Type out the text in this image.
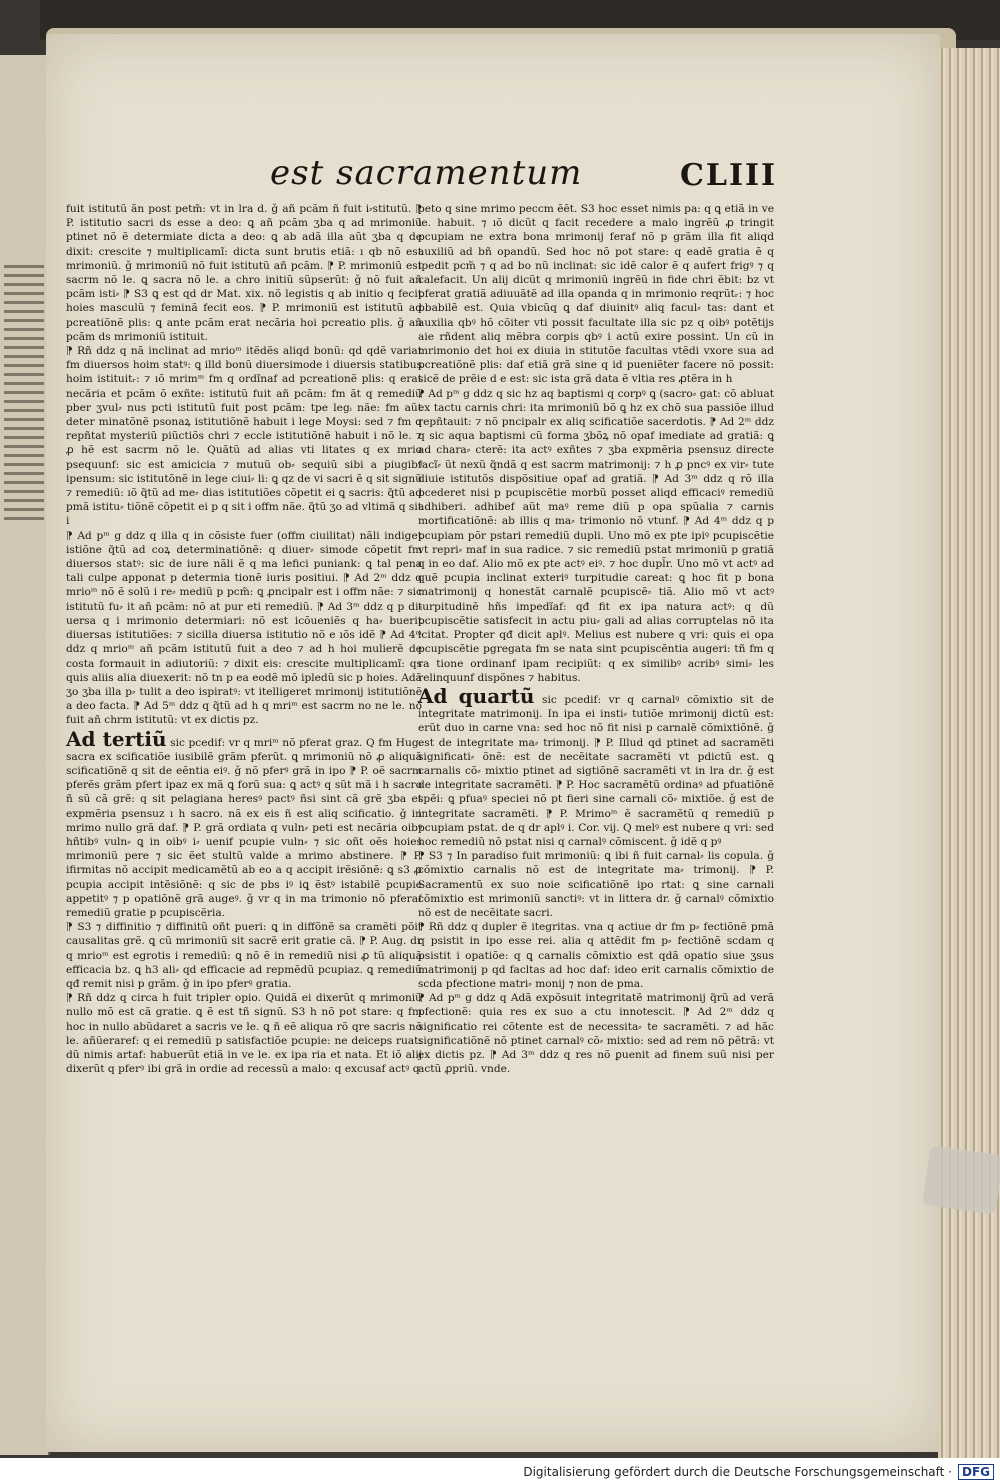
est sacramentum	CLIII

fuit istitutũ ãn post petm̃: vt in lra d. ǧ añ pcãm ñ fuit i⸗stitutũ. ⁋ P. istitutio sacri ds esse a deo: ꝗ añ pcãm ʒba q ad mrimoniũ ptinet nõ ẽ determiate dicta a deo: ꝗ ab adã illa aũt ʒba q de dixit: crescite ⁊ multiplicamĩ: dicta sunt brutis etiã: ı qb nõ est mrimoniũ. ǧ mrimoniũ nõ fuit istitutũ añ pcãm. ⁋ P. mrimoniũ est sacrm nõ le. ꝗ sacra nõ le. a chro initiũ sũpserũt: ǧ nõ fuit añ pcãm isti⸗ ⁋ S3 ꝗ est qd dr Mat. xix. nõ legistis q ab initio q fecit hoies masculũ ⁊ feminã fecit eos. ⁋ P. mrimoniũ est istitutũ ad pcreatiõnẽ plis: ꝗ ante pcãm erat necãria hoi pcreatio plis. ǧ añ pcãm ds mrimoniũ istituit.

⁋ Rñ ddz q nã inclinat ad mrioᵐ itẽdẽs aliqd bonũ: qd qdẽ variat fm diuersos hoim statꝰ: ꝗ illd bonũ diuersimode i diuersis statibus hoim istituitᵣ: ⁊ ıõ mrimᵐ fm q ordĩnaf ad pcreationẽ plis: q erat necãria et pcãm õ exñte: istitutũ fuit añ pcãm: fm ãt q remediũ pber ʒvul⸗ nus pcti istitutũ fuit post pcãm: tpe legᵢ nãe: fm aũt deter minatõnẽ psonaꝝ istitutiõnẽ habuit i lege Moysi: sed ⁊ fm q repñtat mysteriũ piũctiõs chri ⁊ eccle istitutiõnẽ habuit i nõ le. ⁊ ꝓ hẽ est sacrm nõ le. Quãtũ ad alias vti litates q ex mrio psequunf: sic est amicicia ⁊ mutuũ ob⸗ sequiũ sibi a piugibꝰ ipensum: sic istitutõnẽ in lege ciui⸗ li: ꝗ qz de vi sacri ẽ q sit signũ ⁊ remediũ: ıõ q̃tũ ad me⸗ dias istitutiões cõpetit ei ꝗ sacris: q̃tũ ad pmã istitu⸗ tiõnẽ cõpetit ei p q sit i offm nãe. q̃tũ ʒo ad vltimã q sit i

⁋ Ad pᵐ g ddz q illa q in cõsi̇ste fuer (offm ciuilitat) nãli indiget istiõne q̃tũ ad coꝝ determinatiõnẽ: q diuer⸗ simode cõpetit fm diuersos statꝰ: sic de iure nãli ẽ q ma lefici puniank: ꝗ tal pena tali culpe apponat p determia tionẽ iuris positiui. ⁋ Ad 2ᵐ ddz q mrioᵐ nõ ẽ solũ i re⸗ mediũ p pcm̃: ꝗ ꝓncipalr est i offm nãe: ⁊ sic istitutũ fu⸗ it añ pcãm: nõ at pur eti remediũ. ⁋ Ad 3ᵐ ddz q p di⸗ uersa q i mrimonio determiari: nõ est icõueniẽs q ha⸗ buerit diuersas istitutiões: ⁊ sicilla diuersa istitutio nõ e ıõs idẽ ⁋ Ad 4ᵐ ddz q mrioᵐ añ pcãm istitutũ fuit a deo ⁊ ad h hoi mulierẽ de costa formauit in adiutoriũ: ⁊ dixit eis: crescite multiplicamĩ: qs quis aliis alia diuexerit: nõ tn p ea eodẽ mõ ipledũ sic p hoies. Adã ʒo ʒba illa p⸗ tulit a deo ispiratꝰ: vt itelligeret mrimonij istitutiõnẽ a deo facta. ⁋ Ad 5ᵐ ddz q q̃tũ ad h q mriᵐ est sacrm no ne le. nõ fuit añ chrm istitutũ: vt ex dictis pz.

Ad tertiũ sic pcedif: vr q mriᵐ nõ pferat graz. Q fm Hug. sacra ex scificatiõe iusibilẽ grãm pferũt. ꝗ mrimoniũ nõ ꝓ aliquã scificatiõnẽ q sit de eẽntia eiꝰ. ǧ nõ pferꝰ grã in ipo ⁋ P. oẽ sacrm pferẽs grãm pfert ipaz ex mã ꝗ forũ sua: ꝗ actꝰ q sũt mã i h sacro ñ sũ cã grẽ: q sit pelagiana heresꝰ pactꝰ ñsi sint cã grẽ ʒba et expmẽria psensuz ı h sacro. nã ex eis ñ est aliq scificatio. ǧ in mrimo nullo grã daf. ⁋ P. grã ordiata q vuln⸗ peti est necãria oibꝰ hñtibꝰ vuln⸗ ꝗ in oibꝰ i⸗ uenif pcupie vuln⸗ ⁊ sic oñt oẽs hoies mrimoniũ pere ⁊ sic ẽet stultũ valde a mrimo abstinere. ⁋ P. ifirmitas nõ accipit medicamẽtũ ab eo a q accipit irẽsiõnẽ: ꝗ s3 ꝓ pcupia accipit intẽsiõnẽ: q sic de pbs iꝰ iꝗ ẽstꝰ istabilẽ pcupie appetitꝰ ⁊ p opatiõnẽ grã augeꝰ. ǧ vr q in ma trimonio nõ pferaf remediũ gratie p pcupiscẽria.

⁋ S3 ⁊ diffinitio ⁊ diffinitũ oñt pueri: ꝗ in diffõnẽ sa cramẽti põit causalitas grẽ. ꝗ cũ mrimoniũ sit sacrẽ erit gratie cã. ⁋ P. Aug. dr q mrioᵐ est egrotis i remediũ: ꝗ nõ ẽ in remediũ nisi ꝓ tũ aliquã efficacia bz. ꝗ h3 ali⸗ qd efficacie ad repmẽdũ pcupiaz. ꝗ remediũ qđ remit nisi p grãm. ǧ in ipo pferꝰ gratia.

⁋ Rñ ddz q circa h fuit tripler opio. Quidã ei dixerũt q mrimoniũ nullo mõ est cã gratie. ꝗ ẽ est tñ signũ. S3 h nõ pot stare: q fm hoc in nullo abũdaret a sacris ve le. ꝗ ñ eẽ aliqua rõ qre sacris nõ le. añũeraref: q ei remediũ p satisfactiõe pcupie: ne deiceps ruat: dũ nimis artaf: habuerũt etiã in ve le. ex ipa ria et nata. Et iõ alij dixerũt q pferꝰ ibi grã in ordie ad recessũ a malo: q excusaf actꝰ q

peto q sine mrimo peccm ẽẽt. S3 hoc esset nimis pa: q ꝗ etiã in ve le. habuit. ⁊ ıõ dicũt q facit recedere a malo ingrẽũ ꝓ tringit pcupiam ne extra bona mrimonij feraf nõ p grãm illa fit aliqd auxiliũ ad bñ opandũ. Sed hoc nõ pot stare: q eadẽ gratia ẽ q ipedit pcm̃ ⁊ q ad bo nũ inclinat: sic idẽ calor ẽ q aufert frigꝰ ⁊ q calefacit. Un alij dicũt q mrimoniũ ingrẽũ in fide chri ẽbit: bz vt pferat gratiã adiuuãtẽ ad illa opanda q in mrimonio reqrũtᵣ: ⁊ hoc pbabilẽ est. Quia vbicũq ꝗ daf diuinitꝰ aliq facul⸗ tas: dant et auxilia qbꝰ hõ cõiter vti possit facultate illa sic pz q oibꝰ potẽtijs aie rñdent aliq mẽbra corpis qbꝰ i actũ exire possint. Un cũ in mrimonio det hoi ex diuia in stitutõe facultas vtẽdi vxore sua ad pcreatiõnẽ plis: daf etiã grã sine q id pueniẽter facere nõ possit: sicẽ de prẽie d e est: sic ista grã data ẽ vltia res ꝓtẽra in h

⁋ Ad pᵐ g ddz q sic hz aq baptismi q corpꝰ ꝗ (sacro⸗ gat: cõ abluat ex tactu carnis chri: ita mrimoniũ bõ ꝗ hz ex chõ sua passiõe illud repñtauit: ⁊ nõ pncipalr ex aliq scificatiõe sacerdotis. ⁋ Ad 2ᵐ ddz q sic aqua baptismi cũ forma ʒbõꝝ nõ opaf imediate ad gratiã: ꝗ ad chara⸗ cterẽ: ita actꝰ exñtes ⁊ ʒba expmẽria psensuz directe facĩ⸗ ũt nexũ q̃ndã q est sacrm matrimonij: ⁊ h ꝓ pncꝰ ex vir⸗ tute diuie istitutõs dispõsitiue opaf ad gratiã. ⁋ Ad 3ᵐ ddz q rõ illa pcederet nisi p pcupiscẽtie morbũ posset aliqd efficaciꝰ remediũ adhiberi. adhibef aũt maꝰ reme diũ p opa spũalia ⁊ carnis mortificatiõnẽ: ab illis q ma⸗ trimonio nõ vtunf. ⁋ Ad 4ᵐ ddz q p pcupiam põr pstari remediũ dupli. Uno mõ ex pte ipiꝰ pcupiscẽtie vt repri⸗ maf in sua radice. ⁊ sic remediũ pstat mrimoniũ p gratiã q in eo daf. Alio mõ ex pte actꝰ eiꝰ. ⁊ hoc dupl̃r. Uno mõ vt actꝰ ad quẽ pcupia inclinat exteriꝰ turpitudie careat: ꝗ hoc fit p bona matrimonij q honestãt carnalẽ pcupiscẽ⸗ tiã. Alio mõ vt actꝰ turpitudinẽ hñs impedĩaf: qđ fit ex ipa natura actꝰ: q dũ pcupiscẽtie satisfecit in actu piu⸗ gali ad alias corruptelas nõ ita icitat. Propter qđ dicit aplꝰ. Melius est nubere q vri: quis ei opa pcupiscẽtie pgregata fm se nata sint pcupiscẽntia augeri: tñ fm q ra tione ordinanf ipam recipiũt: q ex similibꝰ acribꝰ simi⸗ les relinquunf dispõnes ⁊ habitus.

Ad quartũ sic pcedif: vr q carnalꝰ cõmixtio sit de integritate matrimonij. In ipa ei insti⸗ tutiõe mrimonij dictũ est: erũt duo in carne vna: sed hoc nõ fit nisi p carnalẽ cõmixtiõnẽ. ǧ est de integritate ma⸗ trimonij. ⁋ P. Illud qd ptinet ad sacramẽti significati⸗ õnẽ: est de necẽitate sacramẽti vt pdictũ est. ꝗ carnalis cõ⸗ mixtio ptinet ad sigtiõnẽ sacramẽti vt in lra dr. ǧ est de integritate sacramẽti. ⁋ P. Hoc sacramẽtũ ordinaꝰ ad pfuatiõnẽ spẽi: ꝗ pfuaꝰ speciei nõ pt fieri sine carnali cõ⸗ mixtiõe. ǧ est de integritate sacramẽti. ⁋ P. Mrimoᵐ ẽ sacramẽtũ q remediũ p pcupiam pstat. de q dr aplꝰ i. Cor. vij. Q melꝰ est nubere q vri: sed hoc remediũ nõ pstat nisi q carnalꝰ cõmiscent. ǧ idẽ q pꝰ

⁋ S3 ⁊ In paradiso fuit mrimoniũ: ꝗ ibi ñ fuit carnal⸗ lis copula. ǧ cõmixtio carnalis nõ est de integritate ma⸗ trimonij. ⁋ P. Sacramentũ ex suo noie scificatiõnẽ ipo rtat: ꝗ sine carnali cõmixtio est mrimoniũ sanctiꝰ: vt in littera dr. ǧ carnalꝰ cõmixtio nõ est de necẽitate sacri.

⁋ Rñ ddz q dupler ẽ itegritas. vna q actiue dr fm p⸗ fectiõnẽ pmã q psistit in ipo esse rei. alia q attẽdit fm p⸗ fectiõnẽ scdam q psistit i opatiõe: q ꝗ carnalis cõmixtio est qdã opatio siue ʒsus matrimonij p qd facltas ad hoc daf: ideo erit carnalis cõmixtio de scda pfectione matri⸗ monij ⁊ non de pma.

⁋ Ad pᵐ g ddz q Adã expõsuit integritatẽ matrimonij q̃rũ ad verã pfectionẽ: quia res ex suo a ctu innotescit. ⁋ Ad 2ᵐ ddz q significatio rei cõtente est de necessita⸗ te sacramẽti. ⁊ ad hãc significatiõnẽ nõ ptinet carnalꝰ cõ⸗ mixtio: sed ad rem nõ pẽtrã: vt ex dictis pz. ⁋ Ad 3ᵐ ddz q res nõ ꝑuenit ad finem suũ nisi per actũ ꝓpriũ. vnde.

Digitalisierung gefördert durch die Deutsche Forschungsgemeinschaft · DFG
